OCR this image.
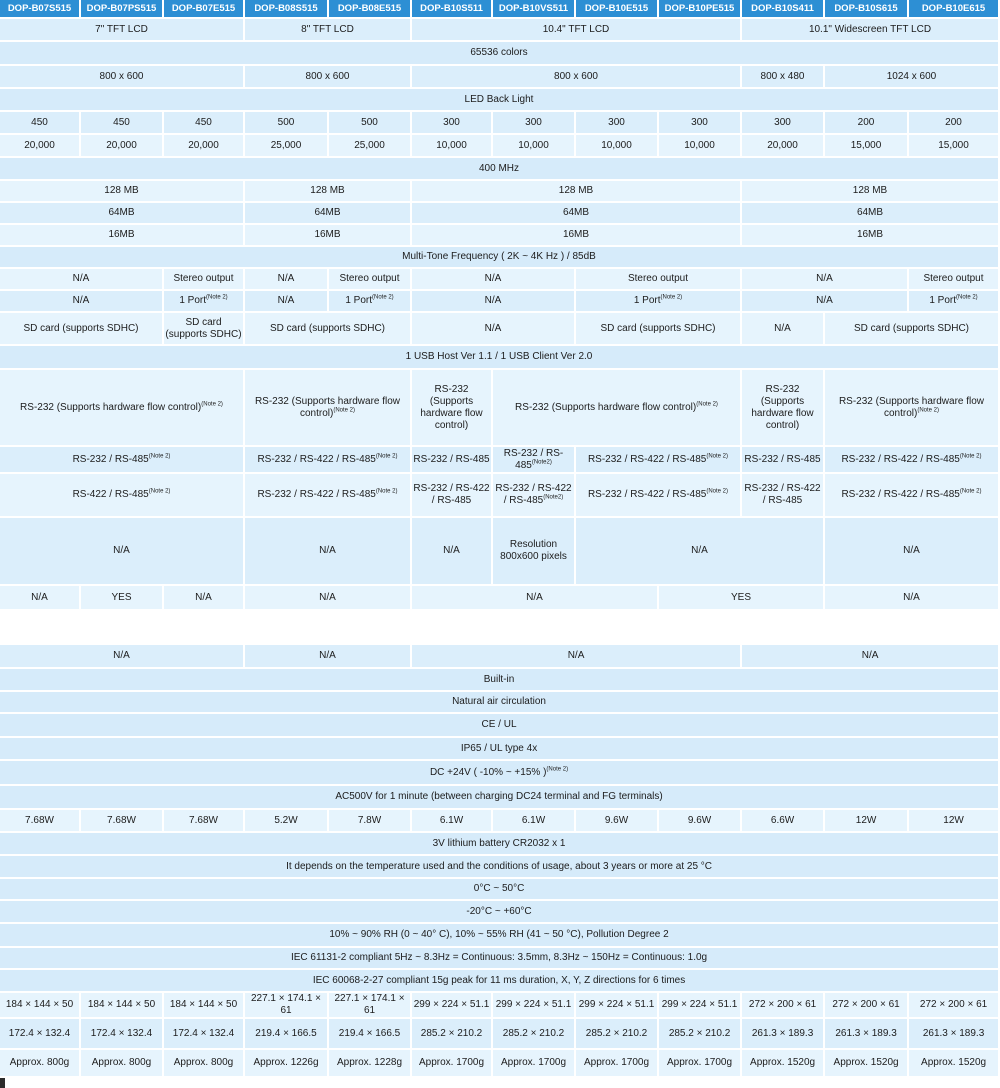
DOP-B07S515	DOP-B07PS515	DOP-B07E515	DOP-B08S515	DOP-B08E515	DOP-B10S511	DOP-B10VS511	DOP-B10E515	DOP-B10PE515	DOP-B10S411	DOP-B10S615	DOP-B10E615
7" TFT LCD			8" TFT LCD		10.4" TFT LCD				10.1" Widescreen TFT LCD		
65536 colors											
800 x 600			800 x 600		800 x 600				800 x 480	1024 x 600	
LED Back Light											
450	450	450	500	500	300	300	300	300	300	200	200
20,000	20,000	20,000	25,000	25,000	10,000	10,000	10,000	10,000	20,000	15,000	15,000
400 MHz											
128 MB			128 MB		128 MB				128 MB		
64MB			64MB		64MB				64MB		
16MB			16MB		16MB				16MB		
Multi-Tone Frequency ( 2K ~ 4K Hz ) / 85dB											
N/A		Stereo output	N/A	Stereo output	N/A		Stereo output		N/A		Stereo output
N/A		1 Port$^{(Note 2)}$	N/A	1 Port$^{(Note 2)}$	N/A		1 Port$^{(Note 2)}$		N/A		1 Port$^{(Note 2)}$
SD card (supports SDHC)		SD card (supports SDHC)	SD card (supports SDHC)		N/A		SD card (supports SDHC)		N/A	SD card (supports SDHC)	
1 USB Host Ver 1.1 / 1 USB Client Ver 2.0											
RS-232 (Supports hardware flow control)$^{(Note 2)}$			RS-232 (Supports hardware flow control)$^{(Note 2)}$		RS-232 (Supports hardware flow control)	RS-232 (Supports hardware flow control)$^{(Note 2)}$			RS-232 (Supports hardware flow control)	RS-232 (Supports hardware flow control)$^{(Note 2)}$
$RS-232 / RS-485^{(Note 2)}$			$RS-232 / RS-422 / RS-485^{(Note 2)}$		RS-232 / RS-485	$RS-232 / RS-485^{(Note2)}$	$RS-232 / RS-422 / RS-485^{(Note 2)}$		RS-232 / RS-485	$RS-232 / RS-422 / RS-485^{(Note 2)}$
$RS-422 / RS-485^{(Note 2)}$			$RS-232 / RS-422 / RS-485^{(Note 2)}$		RS-232 / RS-422 / RS-485	$RS-232 / RS-422 / RS-485^{(Note2)}$	$RS-232 / RS-422 / RS-485^{(Note 2)}$		RS-232 / RS-422 / RS-485	$RS-232 / RS-422 / RS-485^{(Note 2)}$
N/A			N/A		N/A	Resolution 800x600 pixels	N/A			N/A	
N/A	YES	N/A	N/A		N/A			YES		N/A	
N/A			N/A		N/A				N/A		
Built-in											
Natural air circulation											
CE / UL											
IP65 / UL type 4x											
DC +24V ( -10% ~ +15% )$^{(Note 2)}$
AC500V for 1 minute (between charging DC24 terminal and FG terminals)											
7.68W	7.68W	7.68W	5.2W	7.8W	6.1W	6.1W	9.6W	9.6W	6.6W	12W	12W
3V lithium battery CR2032 x 1											
It depends on the temperature used and the conditions of usage, about 3 years or more at 25 °C											
0°C ~ 50°C											
-20°C ~ +60°C											
10% ~ 90% RH (0 ~ 40° C), 10% ~ 55% RH (41 ~ 50 °C), Pollution Degree 2											
IEC 61131-2 compliant 5Hz ~ 8.3Hz = Continuous: 3.5mm, 8.3Hz ~ 150Hz = Continuous: 1.0g											
IEC 60068-2-27 compliant 15g peak for 11 ms duration, X, Y, Z directions for 6 times											
184 × 144 × 50	184 × 144 × 50	184 × 144 × 50	227.1 × 174.1 × 61	227.1 × 174.1 × 61	299 × 224 × 51.1	299 × 224 × 51.1	299 × 224 × 51.1	299 × 224 × 51.1	272 × 200 × 61	272 × 200 × 61	272 × 200 × 61
172.4 × 132.4	172.4 × 132.4	172.4 × 132.4	219.4 × 166.5	219.4 × 166.5	285.2 × 210.2	285.2 × 210.2	285.2 × 210.2	285.2 × 210.2	261.3 × 189.3	261.3 × 189.3	261.3 × 189.3
Approx. 800g	Approx. 800g	Approx. 800g	Approx. 1226g	Approx. 1228g	Approx. 1700g	Approx. 1700g	Approx. 1700g	Approx. 1700g	Approx. 1520g	Approx. 1520g	Approx. 1520g
